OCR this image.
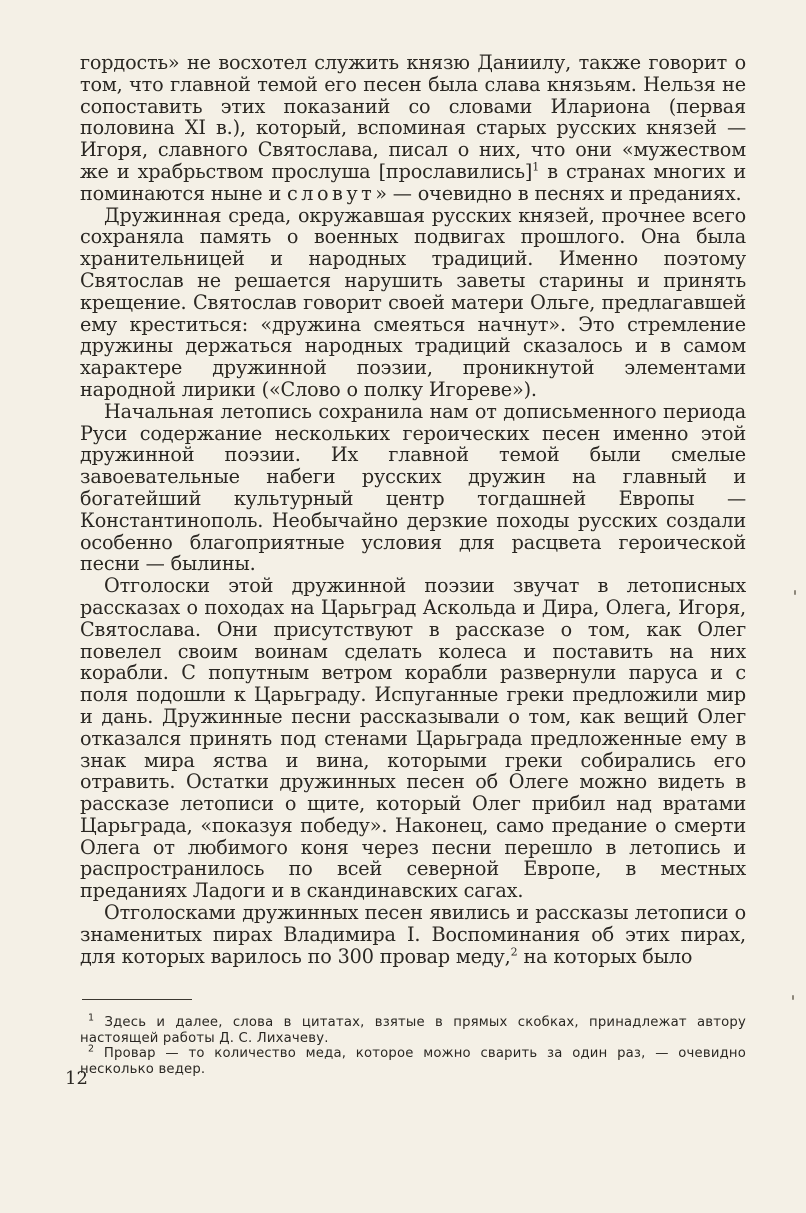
гордость» не восхотел служить князю Даниилу, также говорит о том, что главной темой его песен была слава князьям. Нельзя не сопоставить этих показаний со словами Илариона (первая половина XI в.), который, вспоминая старых русских князей — Игоря, славного Святослава, писал о них, что они «мужеством же и храбрьством прослуша [прославились]$^1$ в странах многих и поминаются ныне и словут» — очевидно в песнях и преданиях.

Дружинная среда, окружавшая русских князей, прочнее всего сохраняла память о военных подвигах прошлого. Она была хранительницей и народных традиций. Именно поэтому Святослав не решается нарушить заветы старины и принять крещение. Святослав говорит своей матери Ольге, предлагавшей ему креститься: «дружина смеяться начнут». Это стремление дружины держаться народных традиций сказалось и в самом характере дружинной поэзии, проникнутой элементами народной лирики («Слово о полку Игореве»).

Начальная летопись сохранила нам от дописьменного периода Руси содержание нескольких героических песен именно этой дружинной поэзии. Их главной темой были смелые завоевательные набеги русских дружин на главный и богатейший культурный центр тогдашней Европы — Константинополь. Необычайно дерзкие походы русских создали особенно благоприятные условия для расцвета героической песни — былины.

Отголоски этой дружинной поэзии звучат в летописных рассказах о походах на Царьград Аскольда и Дира, Олега, Игоря, Святослава. Они присутствуют в рассказе о том, как Олег повелел своим воинам сделать колеса и поставить на них корабли. С попутным ветром корабли развернули паруса и с поля подошли к Царьграду. Испуганные греки предложили мир и дань. Дружинные песни рассказывали о том, как вещий Олег отказался принять под стенами Царьграда предложенные ему в знак мира яства и вина, которыми греки собирались его отравить. Остатки дружинных песен об Олеге можно видеть в рассказе летописи о щите, который Олег прибил над вратами Царьграда, «показуя победу». Наконец, само предание о смерти Олега от любимого коня через песни перешло в летопись и распространилось по всей северной Европе, в местных преданиях Ладоги и в скандинавских сагах.

Отголосками дружинных песен явились и рассказы летописи о знаменитых пирах Владимира I. Воспоминания об этих пирах, для которых варилось по 300 провар меду,$^2$ на которых было

$^1$ Здесь и далее, слова в цитатах, взятые в прямых скобках, принадлежат автору настоящей работы Д. С. Лихачеву.

$^2$ Провар — то количество меда, которое можно сварить за один раз, — очевидно несколько ведер.

12
